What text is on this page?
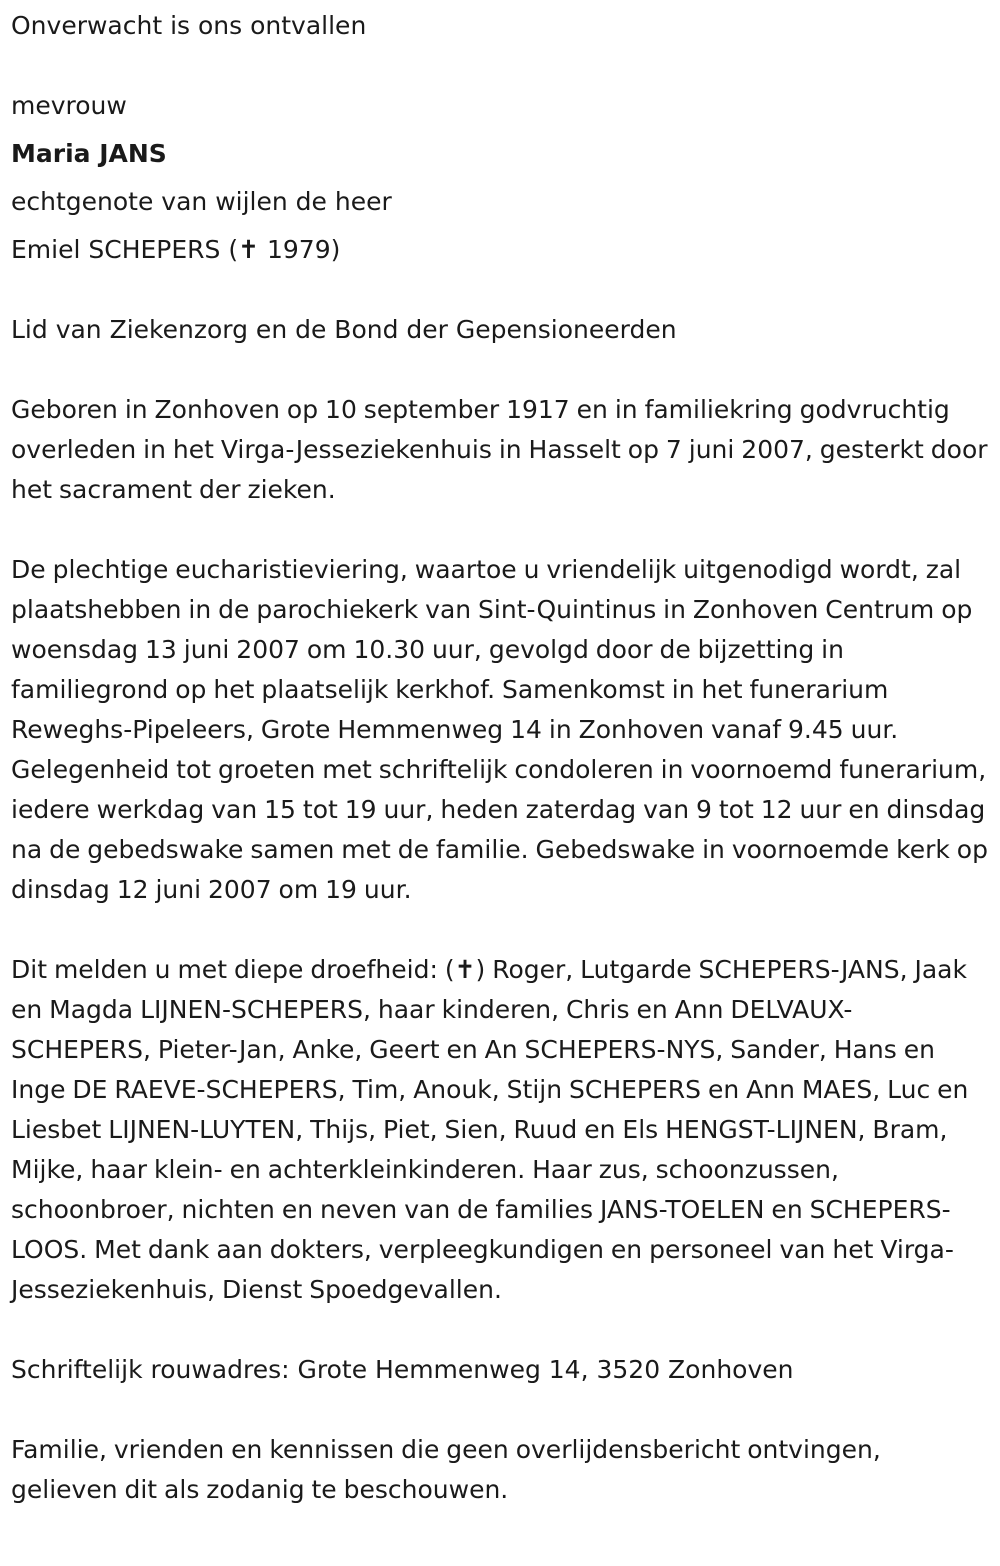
Onverwacht is ons ontvallen

mevrouw

Maria JANS

echtgenote van wijlen de heer

Emiel SCHEPERS (✝ 1979)

Lid van Ziekenzorg en de Bond der Gepensioneerden

Geboren in Zonhoven op 10 september 1917 en in familiekring godvruchtig overleden in het Virga-Jesseziekenhuis in Hasselt op 7 juni 2007, gesterkt door het sacrament der zieken.

De plechtige eucharistieviering, waartoe u vriendelijk uitgenodigd wordt, zal plaatshebben in de parochiekerk van Sint-Quintinus in Zonhoven Centrum op woensdag 13 juni 2007 om 10.30 uur, gevolgd door de bijzetting in familiegrond op het plaatselijk kerkhof. Samenkomst in het funerarium Reweghs-Pipeleers, Grote Hemmenweg 14 in Zonhoven vanaf 9.45 uur. Gelegenheid tot groeten met schriftelijk condoleren in voornoemd funerarium, iedere werkdag van 15 tot 19 uur, heden zaterdag van 9 tot 12 uur en dinsdag na de gebedswake samen met de familie. Gebedswake in voornoemde kerk op dinsdag 12 juni 2007 om 19 uur.

Dit melden u met diepe droefheid: (✝) Roger, Lutgarde SCHEPERS-JANS, Jaak en Magda LIJNEN-SCHEPERS, haar kinderen, Chris en Ann DELVAUX-SCHEPERS, Pieter-Jan, Anke, Geert en An SCHEPERS-NYS, Sander, Hans en Inge DE RAEVE-SCHEPERS, Tim, Anouk, Stijn SCHEPERS en Ann MAES, Luc en Liesbet LIJNEN-LUYTEN, Thijs, Piet, Sien, Ruud en Els HENGST-LIJNEN, Bram, Mijke, haar klein- en achterkleinkinderen. Haar zus, schoonzussen, schoonbroer, nichten en neven van de families JANS-TOELEN en SCHEPERS-LOOS. Met dank aan dokters, verpleegkundigen en personeel van het Virga-Jesseziekenhuis, Dienst Spoedgevallen.

Schriftelijk rouwadres: Grote Hemmenweg 14, 3520 Zonhoven

Familie, vrienden en kennissen die geen overlijdensbericht ontvingen, gelieven dit als zodanig te beschouwen.
